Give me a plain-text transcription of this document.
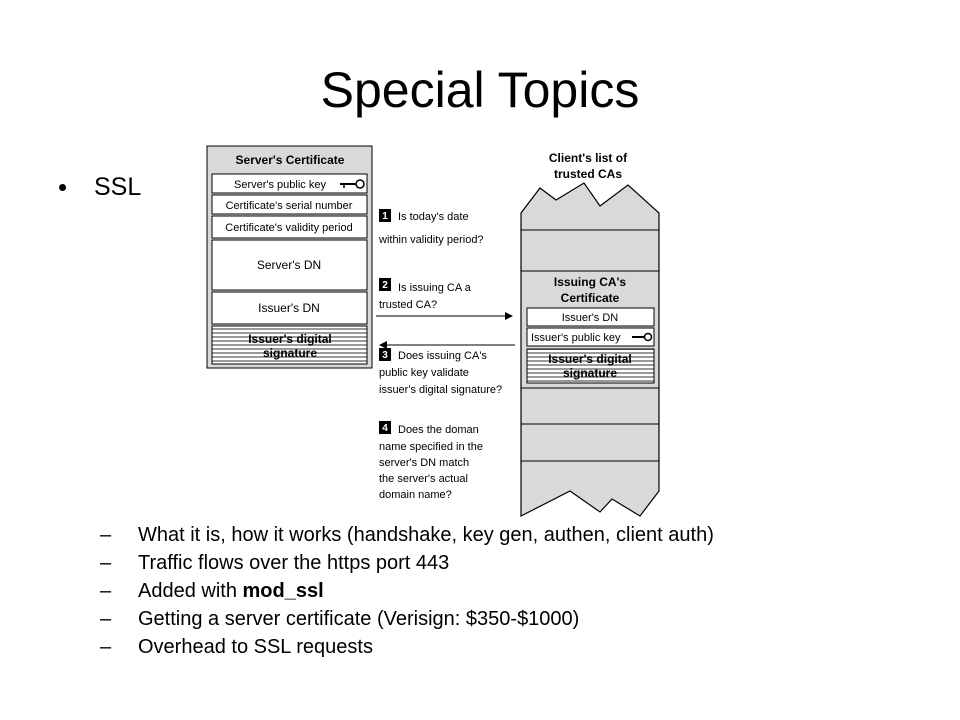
Special Topics
• SSL
Server's Certificate
Server's public key
Certificate's serial number
Certificate's validity period
Server's DN
Issuer's DN
Issuer's digital
signature
Client's list of
trusted CAs
Issuing CA's
Certificate
Issuer's DN
Issuer's public key
Issuer's digital
signature
1 Is today's date
within validity period?
2 Is issuing CA a
trusted CA?
3 Does issuing CA's
public key validate
issuer's digital signature?
4 Does the doman
name specified in the
server's DN match
the server's actual
domain name?
– What it is, how it works (handshake, key gen, authen, client auth)
– Traffic flows over the https port 443
– Added with mod_ssl
– Getting a server certificate (Verisign: $350-$1000)
– Overhead to SSL requests
